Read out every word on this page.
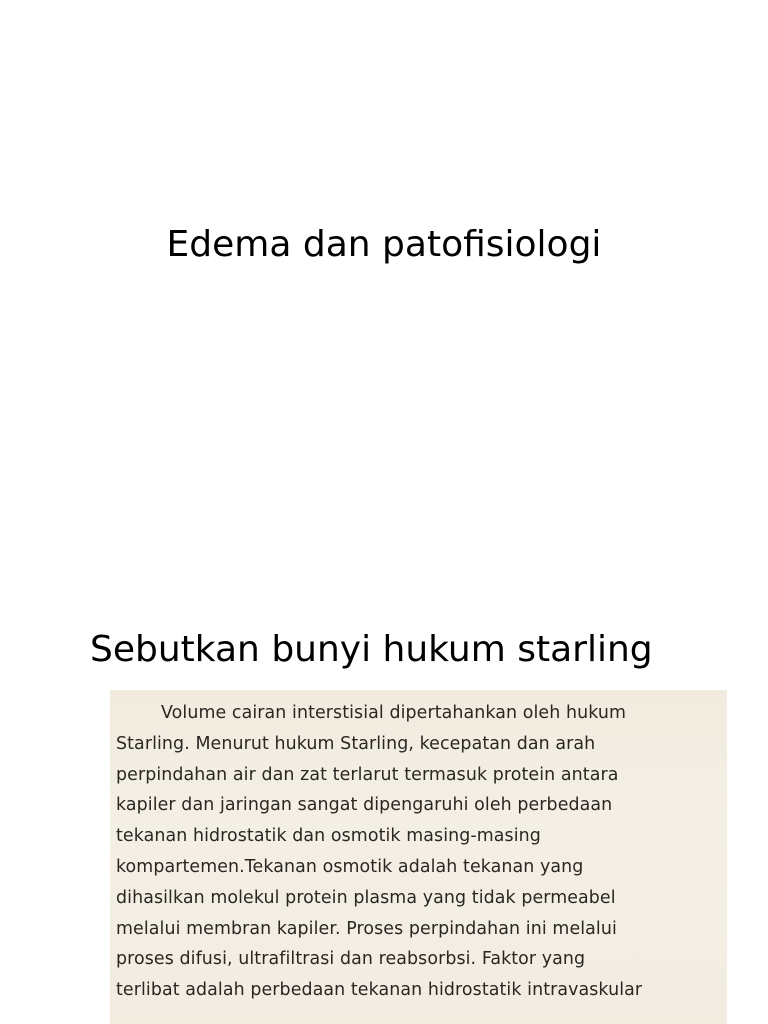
Edema dan patofisiologi
Sebutkan bunyi hukum starling
Volume cairan interstisial dipertahankan oleh hukum
Starling. Menurut hukum Starling, kecepatan dan arah
perpindahan air dan zat terlarut termasuk protein antara
kapiler dan jaringan sangat dipengaruhi oleh perbedaan
tekanan hidrostatik dan osmotik masing-masing
kompartemen.Tekanan osmotik adalah tekanan yang
dihasilkan molekul protein plasma yang tidak permeabel
melalui membran kapiler. Proses perpindahan ini melalui
proses difusi, ultrafiltrasi dan reabsorbsi. Faktor yang
terlibat adalah perbedaan tekanan hidrostatik intravaskular
